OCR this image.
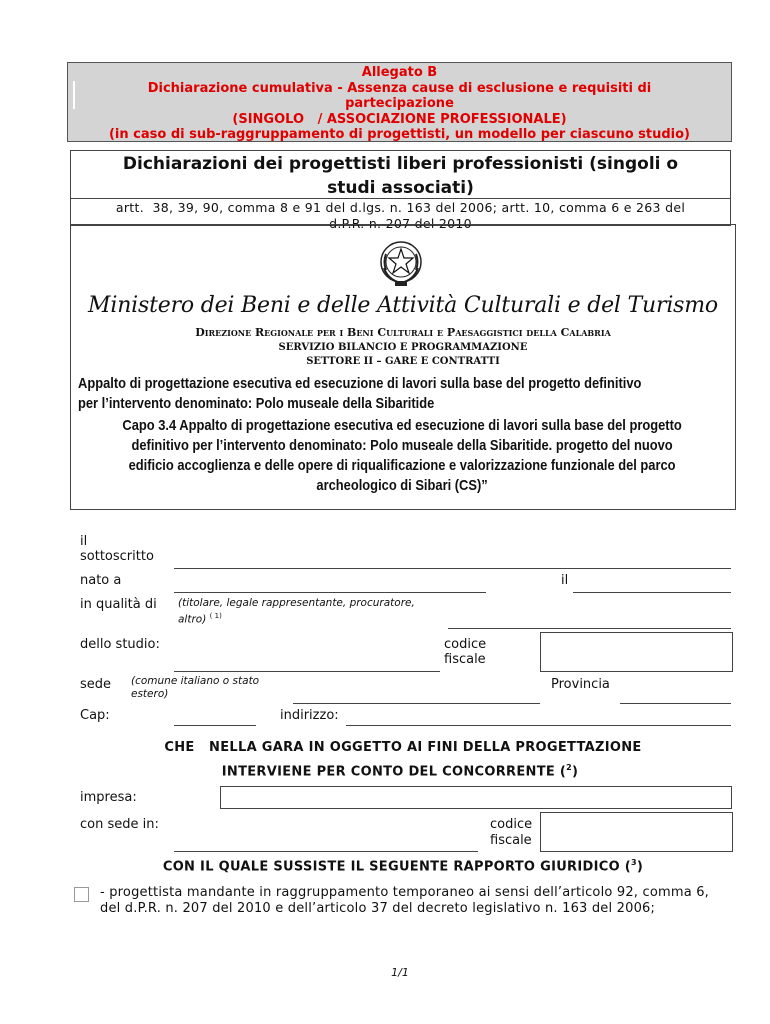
Allegato B
Dichiarazione cumulativa - Assenza cause di esclusione e requisiti di
partecipazione
(SINGOLO   / ASSOCIAZIONE PROFESSIONALE)
(in caso di sub-raggruppamento di progettisti, un modello per ciascuno studio)
Dichiarazioni dei progettisti liberi professionisti (singoli o
studi associati)
artt.  38, 39, 90, comma 8 e 91 del d.lgs. n. 163 del 2006; artt. 10, comma 6 e 263 del
d.P.R. n. 207 del 2010
Ministero dei Beni e delle Attività Culturali e del Turismo
Direzione Regionale per i Beni Culturali e Paesaggistici della Calabria
SERVIZIO BILANCIO E PROGRAMMAZIONE
SETTORE II – GARE E CONTRATTI
Appalto di progettazione esecutiva ed esecuzione di lavori sulla base del progetto definitivo
per l’intervento denominato: Polo museale della Sibaritide
Capo 3.4 Appalto di progettazione esecutiva ed esecuzione di lavori sulla base del progetto
definitivo per l’intervento denominato: Polo museale della Sibaritide. progetto del nuovo
edificio accoglienza e delle opere di riqualificazione e valorizzazione funzionale del parco
archeologico di Sibari (CS)”
il
sottoscritto
nato a	il
in qualità di (titolare, legale rappresentante, procuratore,
altro) $^{( 1)}$
dello studio:	codice
fiscale
sede (comune italiano o stato
estero)
Provincia
Cap:	indirizzo:
CHE   NELLA GARA IN OGGETTO AI FINI DELLA PROGETTAZIONE
INTERVIENE PER CONTO DEL CONCORRENTE ($^2$)
impresa:
con sede in:	codice
fiscale
CON IL QUALE SUSSISTE IL SEGUENTE RAPPORTO GIURIDICO ($^3$)
- progettista mandante in raggruppamento temporaneo ai sensi dell’articolo 92, comma 6, del d.P.R. n. 207 del 2010 e dell’articolo 37 del decreto legislativo n. 163 del 2006;
1/1
